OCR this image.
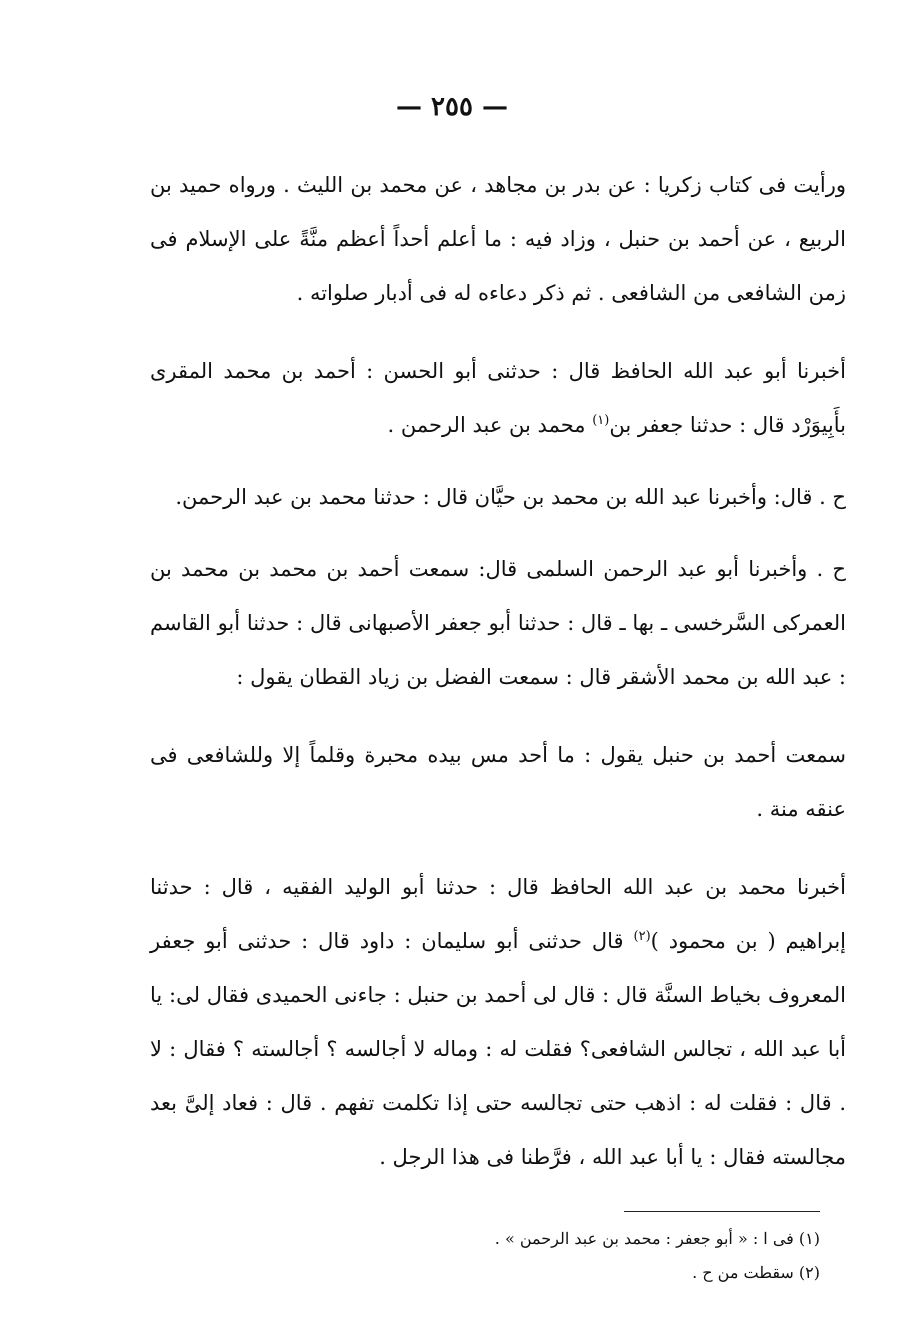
— ٢٥٥ —

ورأيت فى كتاب زكريا : عن بدر بن مجاهد ، عن محمد بن الليث . ورواه حميد بن الربيع ، عن أحمد بن حنبل ، وزاد فيه : ما أعلم أحداً أعظم منَّةً على الإسلام فى زمن الشافعى من الشافعى . ثم ذكر دعاءه له فى أدبار صلواته .

أخبرنا أبو عبد الله الحافظ قال : حدثنى أبو الحسن : أحمد بن محمد المقرى بأَبِيوَرْد قال : حدثنا جعفر بن$^{(١)}$ محمد بن عبد الرحمن .

ح . قال: وأخبرنا عبد الله بن محمد بن حيَّان قال : حدثنا محمد بن عبد الرحمن.

ح . وأخبرنا أبو عبد الرحمن السلمى قال: سمعت أحمد بن محمد بن محمد بن العمركى السَّرخسى ـ بها ـ قال : حدثنا أبو جعفر الأصبهانى قال : حدثنا أبو القاسم : عبد الله بن محمد الأشقر قال : سمعت الفضل بن زياد القطان يقول :

سمعت أحمد بن حنبل يقول : ما أحد مس بيده محبرة وقلماً إلا وللشافعى فى عنقه منة .

أخبرنا محمد بن عبد الله الحافظ قال : حدثنا أبو الوليد الفقيه ، قال : حدثنا إبراهيم ( بن محمود )$^{(٢)}$ قال حدثنى أبو سليمان : داود قال : حدثنى أبو جعفر المعروف بخياط السنَّة قال : قال لى أحمد بن حنبل : جاءنى الحميدى فقال لى: يا أبا عبد الله ، تجالس الشافعى؟ فقلت له : وماله لا أجالسه ؟ أجالسته ؟ فقال : لا . قال : فقلت له : اذهب حتى تجالسه حتى إذا تكلمت تفهم . قال : فعاد إلىَّ بعد مجالسته فقال : يا أبا عبد الله ، فرَّطنا فى هذا الرجل .

(١) فى ا : « أبو جعفر : محمد بن عبد الرحمن » .

(٢) سقطت من ح .
